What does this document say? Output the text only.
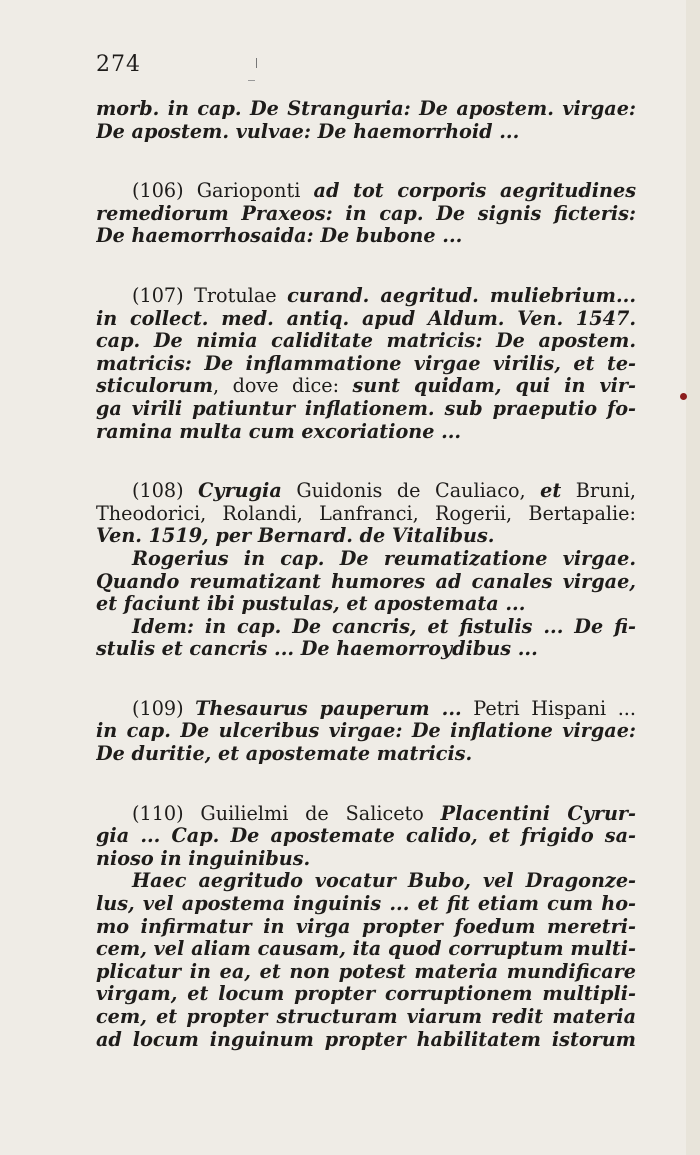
274
morb. in cap. De Stranguria: De apostem. virgae:
De apostem. vulvae: De haemorrhoid ...
(106) Garioponti ad tot corporis aegritudines
remediorum Praxeos: in cap. De signis ficteris:
De haemorrhosaida: De bubone ...
(107) Trotulae curand. aegritud. muliebrium...
in collect. med. antiq. apud Aldum. Ven. 1547.
cap. De nimia caliditate matricis: De apostem.
matricis: De inflammatione virgae virilis, et te-
sticulorum, dove dice: sunt quidam, qui in vir-
ga virili patiuntur inflationem. sub praeputio fo-
ramina multa cum excoriatione ...
(108) Cyrugia Guidonis de Cauliaco, et Bruni,
Theodorici, Rolandi, Lanfranci, Rogerii, Bertapalie:
Ven. 1519, per Bernard. de Vitalibus.
Rogerius in cap. De reumatizatione virgae.
Quando reumatizant humores ad canales virgae,
et faciunt ibi pustulas, et apostemata ...
Idem: in cap. De cancris, et fistulis ... De fi-
stulis et cancris ... De haemorroydibus ...
(109) Thesaurus pauperum ... Petri Hispani ...
in cap. De ulceribus virgae: De inflatione virgae:
De duritie, et apostemate matricis.
(110) Guilielmi de Saliceto Placentini Cyrur-
gia ... Cap. De apostemate calido, et frigido sa-
nioso in inguinibus.
Haec aegritudo vocatur Bubo, vel Dragonze-
lus, vel apostema inguinis ... et fit etiam cum ho-
mo infirmatur in virga propter foedum meretri-
cem, vel aliam causam, ita quod corruptum multi-
plicatur in ea, et non potest materia mundificare
virgam, et locum propter corruptionem multipli-
cem, et propter structuram viarum redit materia
ad locum inguinum propter habilitatem istorum
